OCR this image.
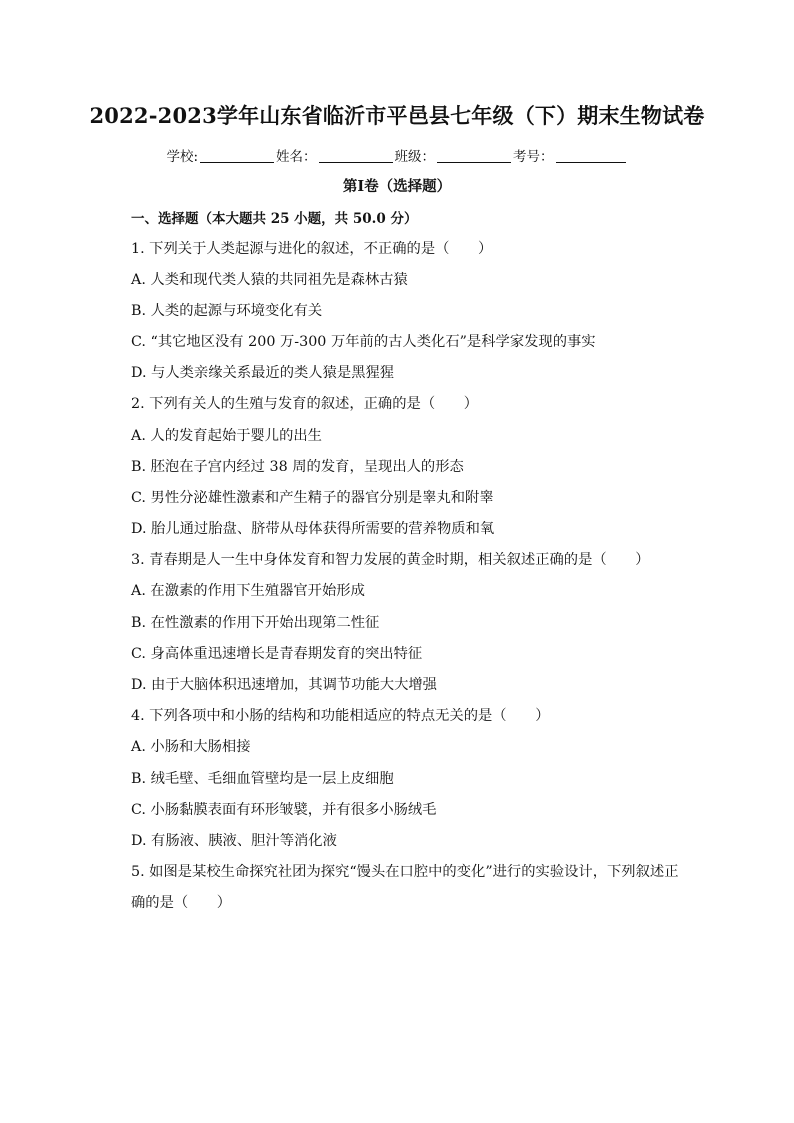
2022-2023学年山东省临沂市平邑县七年级（下）期末生物试卷
学校:	姓名：	班级：	考号：
第Ⅰ卷（选择题）
一、选择题（本大题共 25 小题，共 50.0 分）
1. 下列关于人类起源与进化的叙述，不正确的是（　　）
A. 人类和现代类人猿的共同祖先是森林古猿
B. 人类的起源与环境变化有关
C. “其它地区没有 200 万-300 万年前的古人类化石”是科学家发现的事实
D. 与人类亲缘关系最近的类人猿是黑猩猩
2. 下列有关人的生殖与发育的叙述，正确的是（　　）
A. 人的发育起始于婴儿的出生
B. 胚泡在子宫内经过 38 周的发育，呈现出人的形态
C. 男性分泌雄性激素和产生精子的器官分别是睾丸和附睾
D. 胎儿通过胎盘、脐带从母体获得所需要的营养物质和氧
3. 青春期是人一生中身体发育和智力发展的黄金时期，相关叙述正确的是（　　）
A. 在激素的作用下生殖器官开始形成
B. 在性激素的作用下开始出现第二性征
C. 身高体重迅速增长是青春期发育的突出特征
D. 由于大脑体积迅速增加，其调节功能大大增强
4. 下列各项中和小肠的结构和功能相适应的特点无关的是（　　）
A. 小肠和大肠相接
B. 绒毛壁、毛细血管壁均是一层上皮细胞
C. 小肠黏膜表面有环形皱襞，并有很多小肠绒毛
D. 有肠液、胰液、胆汁等消化液
5. 如图是某校生命探究社团为探究“馒头在口腔中的变化”进行的实验设计，下列叙述正
确的是（　　）
